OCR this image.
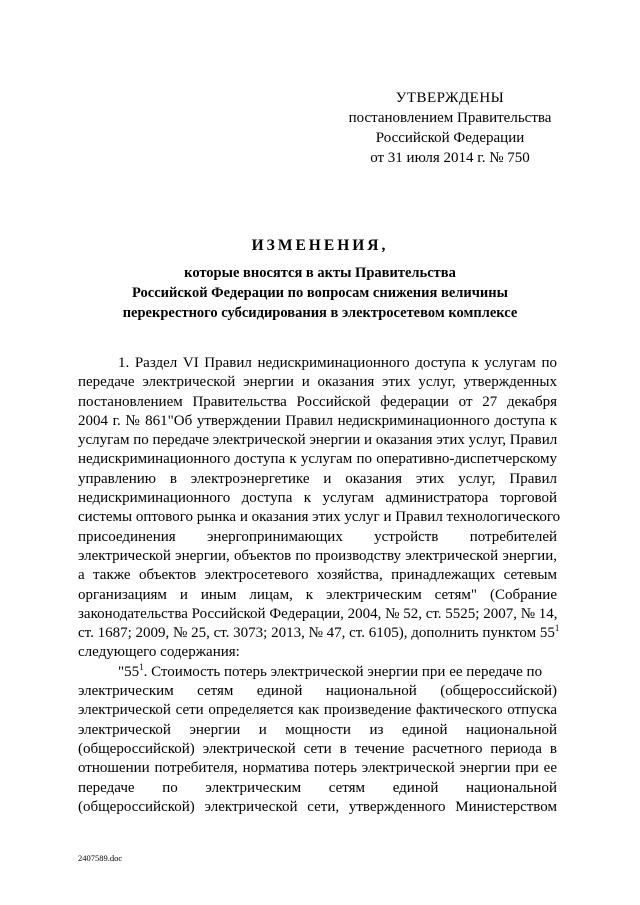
УТВЕРЖДЕНЫ
постановлением Правительства
Российской Федерации
от 31 июля 2014 г. № 750
ИЗМЕНЕНИЯ,
которые вносятся в акты Правительства
Российской Федерации по вопросам снижения величины
перекрестного субсидирования в электросетевом комплексе
1. Раздел VI Правил недискриминационного доступа к услугам по
передаче электрической энергии и оказания этих услуг, утвержденных
постановлением Правительства Российской федерации от 27 декабря
2004 г. № 861"Об утверждении Правил недискриминационного доступа к
услугам по передаче электрической энергии и оказания этих услуг, Правил
недискриминационного доступа к услугам по оперативно-диспетчерскому
управлению в электроэнергетике и оказания этих услуг, Правил
недискриминационного доступа к услугам администратора торговой
системы оптового рынка и оказания этих услуг и Правил технологического
присоединения энергопринимающих устройств потребителей
электрической энергии, объектов по производству электрической энергии,
а также объектов электросетевого хозяйства, принадлежащих сетевым
организациям и иным лицам, к электрическим сетям" (Собрание
законодательства Российской Федерации, 2004, № 52, ст. 5525; 2007, № 14,
ст. 1687; 2009, № 25, ст. 3073; 2013, № 47, ст. 6105), дополнить пунктом $55^1$
следующего содержания:
"$55^1$. Стоимость потерь электрической энергии при ее передаче по
электрическим сетям единой национальной (общероссийской)
электрической сети определяется как произведение фактического отпуска
электрической энергии и мощности из единой национальной
(общероссийской) электрической сети в течение расчетного периода в
отношении потребителя, норматива потерь электрической энергии при ее
передаче по электрическим сетям единой национальной
(общероссийской) электрической сети, утвержденного Министерством
2407589.doc
